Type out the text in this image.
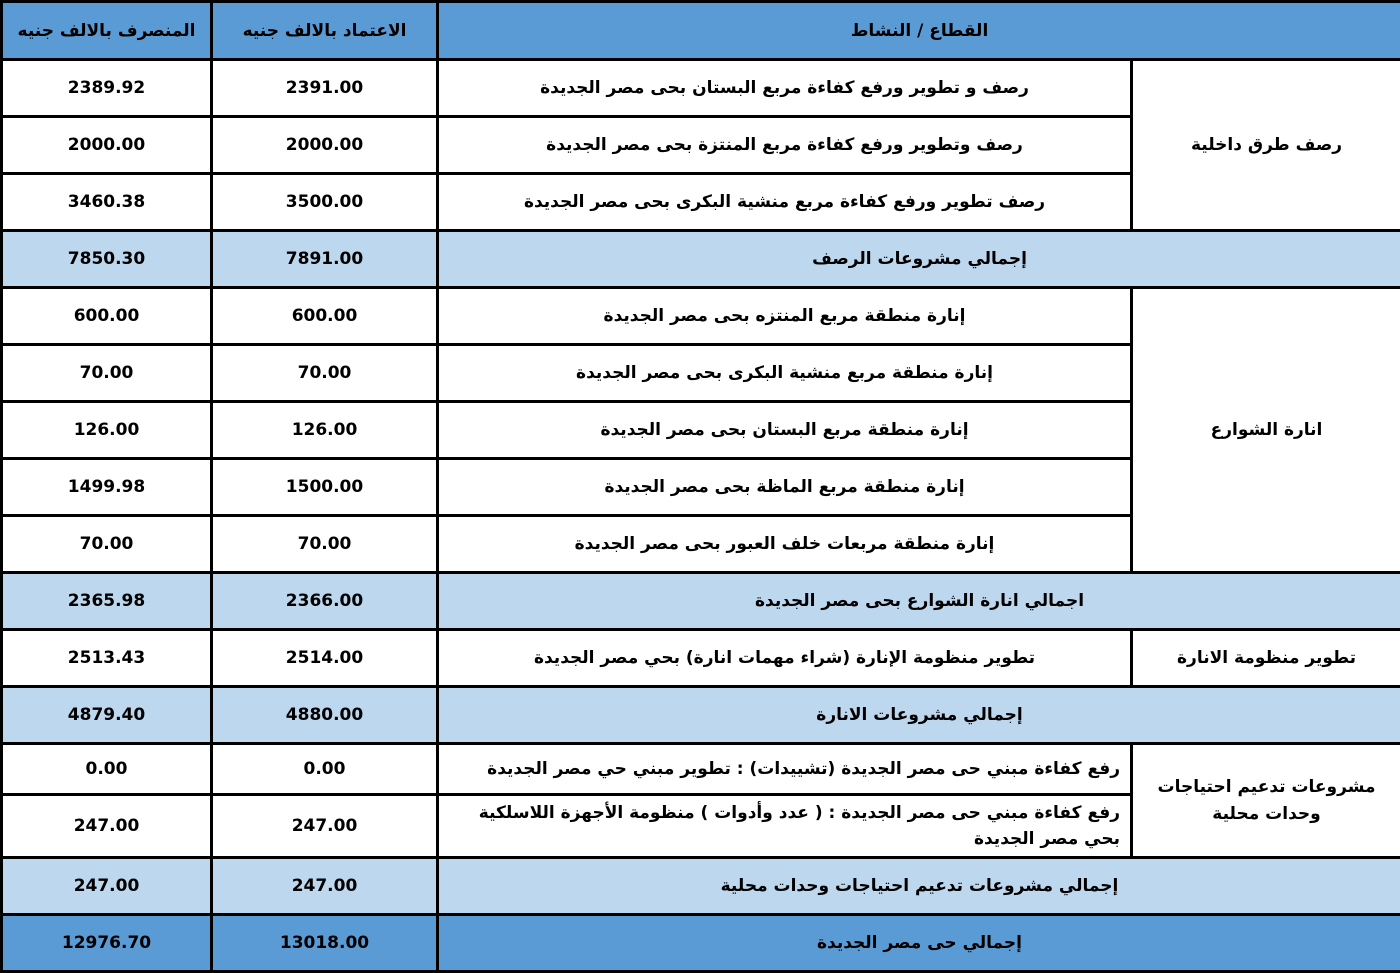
المنصرف بالالف جنيه	الاعتماد بالالف جنيه	القطاع / النشاط	
2389.92	2391.00	رصف و تطوير ورفع كفاءة مربع البستان بحى مصر الجديدة	رصف طرق داخلية
2000.00	2000.00	رصف وتطوير ورفع كفاءة مربع المنتزة بحى مصر الجديدة	
3460.38	3500.00	رصف تطوير ورفع كفاءة مربع منشية البكرى بحى مصر الجديدة	
7850.30	7891.00	إجمالي مشروعات الرصف	
600.00	600.00	إنارة منطقة مربع المنتزه بحى مصر الجديدة	انارة الشوارع
70.00	70.00	إنارة منطقة مربع منشية البكرى بحى مصر الجديدة	
126.00	126.00	إنارة منطقة مربع البستان بحى مصر الجديدة	
1499.98	1500.00	إنارة منطقة مربع الماظة بحى مصر الجديدة	
70.00	70.00	إنارة منطقة مربعات خلف العبور بحى مصر الجديدة	
2365.98	2366.00	اجمالي انارة الشوارع بحى مصر الجديدة	
2513.43	2514.00	تطوير منظومة الإنارة (شراء مهمات انارة) بحي مصر الجديدة	تطوير منظومة الانارة
4879.40	4880.00	إجمالي مشروعات الانارة	
0.00	0.00	رفع كفاءة مبني حى مصر الجديدة (تشييدات) : تطوير مبني حي مصر الجديدة	مشروعات تدعيم احتياجات وحدات محلية
247.00	247.00	رفع كفاءة مبني حى مصر الجديدة : ( عدد وأدوات ) منظومة الأجهزة اللاسلكية بحي مصر الجديدة	
247.00	247.00	إجمالي مشروعات تدعيم احتياجات وحدات محلية	
12976.70	13018.00	إجمالي حى مصر الجديدة	
